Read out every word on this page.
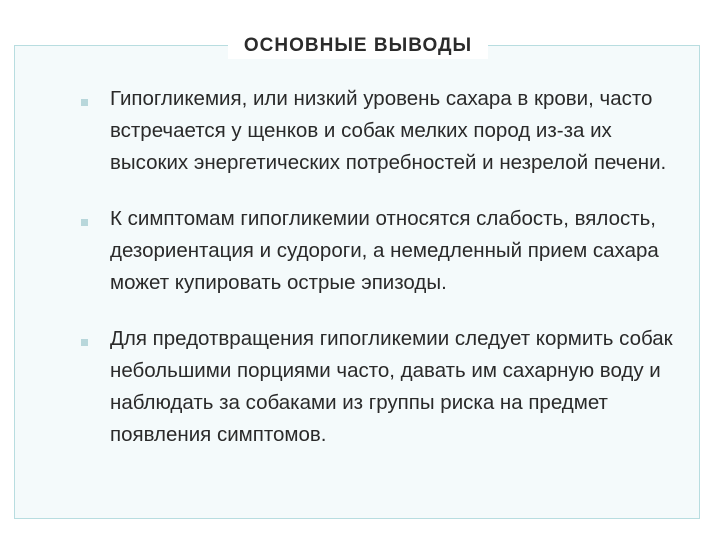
ОСНОВНЫЕ ВЫВОДЫ
Гипогликемия, или низкий уровень сахара в крови, часто встречается у щенков и собак мелких пород из-за их высоких энергетических потребностей и незрелой печени.
К симптомам гипогликемии относятся слабость, вялость, дезориентация и судороги, а немедленный прием сахара может купировать острые эпизоды.
Для предотвращения гипогликемии следует кормить собак небольшими порциями часто, давать им сахарную воду и наблюдать за собаками из группы риска на предмет появления симптомов.
